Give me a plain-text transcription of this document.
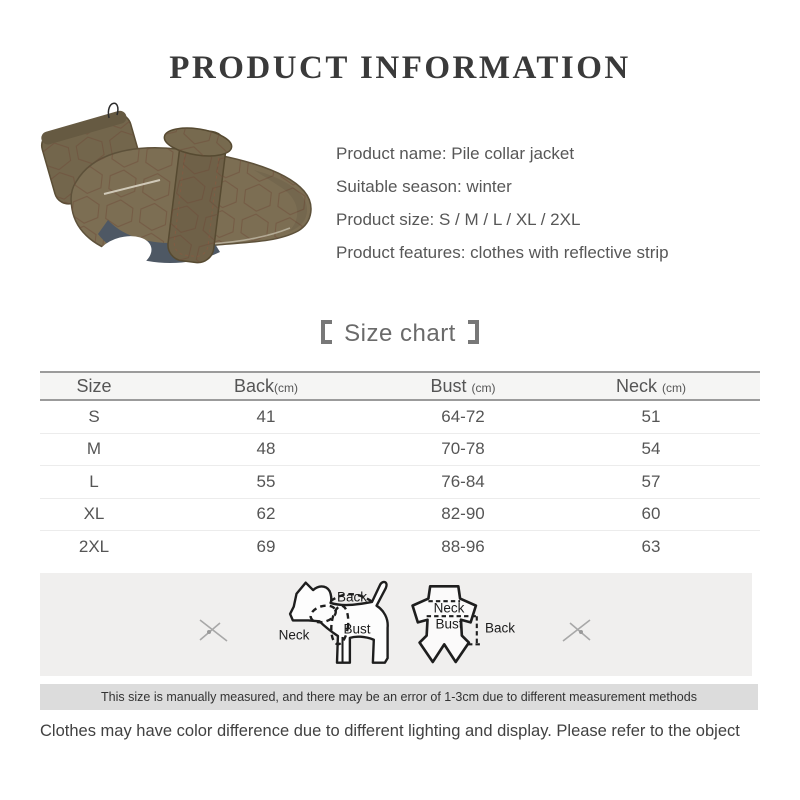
PRODUCT INFORMATION
Product name: Pile collar jacket
Suitable season: winter
Product size: S / M / L / XL / 2XL
Product features: clothes with reflective strip
Size chart
Size	Back(cm)	Bust (cm)	Neck (cm)
S	41	64-72	51
M	48	70-78	54
L	55	76-84	57
XL	62	82-90	60
2XL	69	88-96	63
Back
Neck	Bust
Neck
Bust Back
This size is manually measured, and there may be an error of 1-3cm due to different measurement methods
Clothes may have color difference due to different lighting and display. Please refer to the object
